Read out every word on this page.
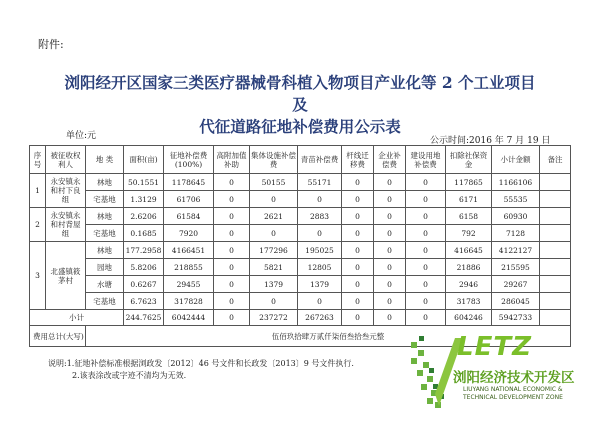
附件:
浏阳经开区国家三类医疗器械骨科植入物项目产业化等 2 个工业项目及
代征道路征地补偿费用公示表
单位:元	公示时间:2016 年 7 月 19 日
序号	被征收权利人	地 类	面积(亩)	征地补偿费(100%)	高附加值补助	集体设施补偿费	青苗补偿费	杆线迁移费	企业补偿费	建设用地补偿费	扣除社保资金	小计金额	备注
1	永安镇永和村下良组	林地	50.1551	1178645	0	50155	55171	0	0	0	117865	1166106	
		宅基地	1.3129	61706	0	0	0	0	0	0	6171	55535	
2	永安镇永和村背屋组	林地	2.6206	61584	0	2621	2883	0	0	0	6158	60930	
		宅基地	0.1685	7920	0	0	0	0	0	0	792	7128	
3	北盛镇筱茅村	林地	177.2958	4166451	0	177296	195025	0	0	0	416645	4122127	
		园地	5.8206	218855	0	5821	12805	0	0	0	21886	215595	
		水塘	0.6267	29455	0	1379	1379	0	0	0	2946	29267	
		宅基地	6.7623	317828	0	0	0	0	0	0	31783	286045	
小计			244.7625	6042444	0	237272	267263	0	0	0	604246	5942733	
费用总计(大写)		伍佰玖拾肆万贰仟柒佰叁拾叁元整											
说明:1.征地补偿标准根据浏政发〔2012〕46 号文件和长政发〔2013〕9 号文件执行.
2.该表涂改或字迹不清均为无效.
LETZ
浏阳经济技术开发区
LIUYANG NATIONAL ECONOMIC &
TECHNICAL DEVELOPMENT ZONE
